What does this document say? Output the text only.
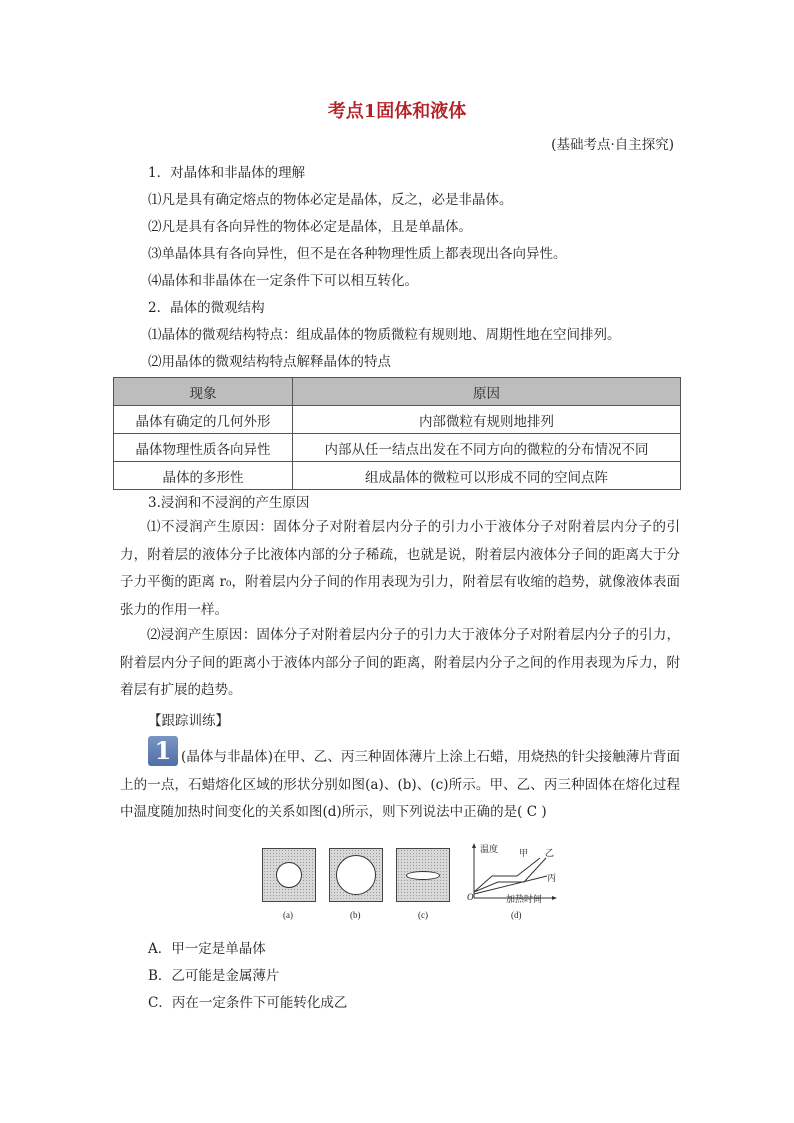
考点1固体和液体
(基础考点·自主探究)
1．对晶体和非晶体的理解
⑴凡是具有确定熔点的物体必定是晶体，反之，必是非晶体。
⑵凡是具有各向异性的物体必定是晶体，且是单晶体。
⑶单晶体具有各向异性，但不是在各种物理性质上都表现出各向异性。
⑷晶体和非晶体在一定条件下可以相互转化。
2．晶体的微观结构
⑴晶体的微观结构特点：组成晶体的物质微粒有规则地、周期性地在空间排列。
⑵用晶体的微观结构特点解释晶体的特点
现象	原因
晶体有确定的几何外形	内部微粒有规则地排列
晶体物理性质各向异性	内部从任一结点出发在不同方向的微粒的分布情况不同
晶体的多形性	组成晶体的微粒可以形成不同的空间点阵
3.浸润和不浸润的产生原因
⑴不浸润产生原因：固体分子对附着层内分子的引力小于液体分子对附着层内分子的引力，附着层的液体分子比液体内部的分子稀疏，也就是说，附着层内液体分子间的距离大于分子力平衡的距离 r₀，附着层内分子间的作用表现为引力，附着层有收缩的趋势，就像液体表面张力的作用一样。
⑵浸润产生原因：固体分子对附着层内分子的引力大于液体分子对附着层内分子的引力，附着层内分子间的距离小于液体内部分子间的距离，附着层内分子之间的作用表现为斥力，附着层有扩展的趋势。
【跟踪训练】
1 (晶体与非晶体)在甲、乙、丙三种固体薄片上涂上石蜡，用烧热的针尖接触薄片背面上的一点，石蜡熔化区域的形状分别如图(a)、(b)、(c)所示。甲、乙、丙三种固体在熔化过程中温度随加热时间变化的关系如图(d)所示，则下列说法中正确的是( C )
(a)	(b)	(c)
温度 甲 乙
丙
O	加热时间
(d)
A．甲一定是单晶体
B．乙可能是金属薄片
C．丙在一定条件下可能转化成乙
